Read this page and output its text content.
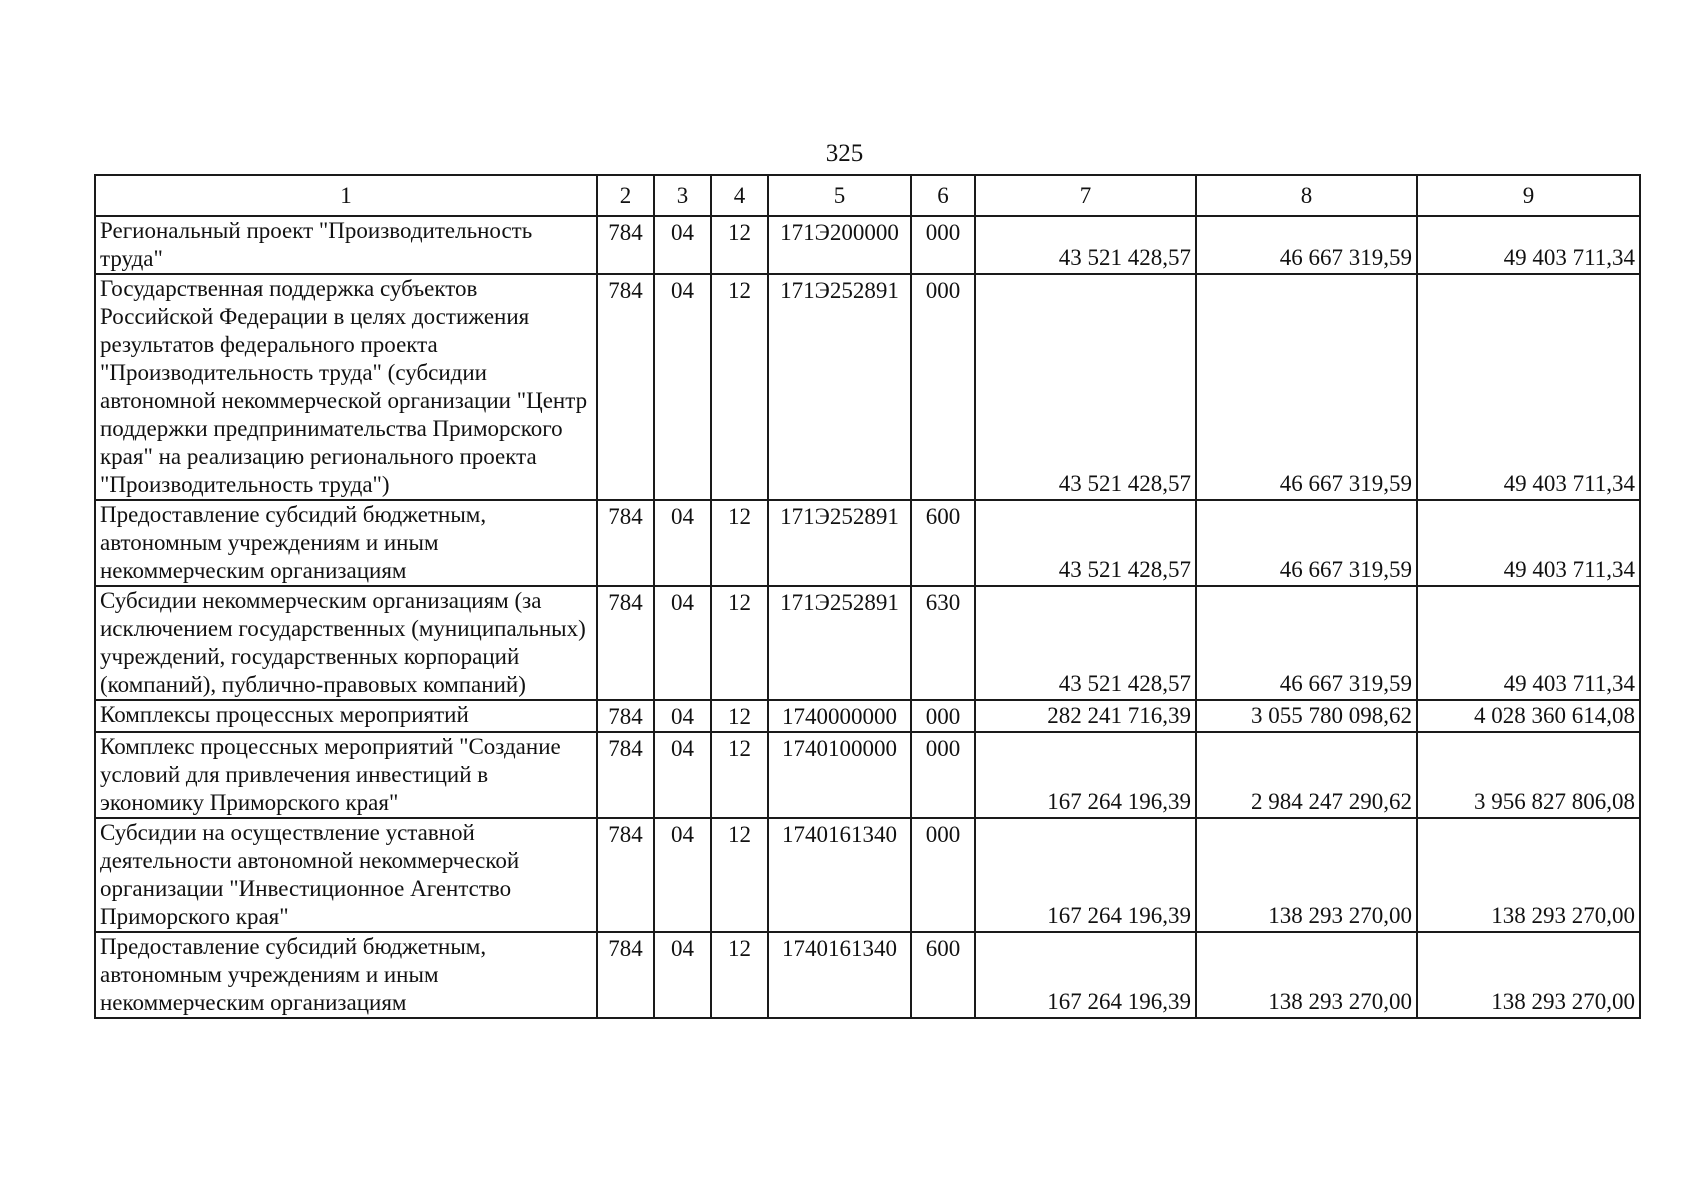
325
1	2	3	4	5	6	7	8	9
Региональный проект "Производительность труда"	784	04	12	171Э200000	000	43 521 428,57	46 667 319,59	49 403 711,34
Государственная поддержка субъектов Российской Федерации в целях достижения результатов федерального проекта "Производительность труда" (субсидии автономной некоммерческой организации "Центр поддержки предпринимательства Приморского края" на реализацию регионального проекта "Производительность труда")	784	04	12	171Э252891	000	43 521 428,57	46 667 319,59	49 403 711,34
Предоставление субсидий бюджетным, автономным учреждениям и иным некоммерческим организациям	784	04	12	171Э252891	600	43 521 428,57	46 667 319,59	49 403 711,34
Субсидии некоммерческим организациям (за исключением государственных (муниципальных) учреждений, государственных корпораций (компаний), публично-правовых компаний)	784	04	12	171Э252891	630	43 521 428,57	46 667 319,59	49 403 711,34
Комплексы процессных мероприятий	784	04	12	1740000000	000	282 241 716,39	3 055 780 098,62	4 028 360 614,08
Комплекс процессных мероприятий "Создание условий для привлечения инвестиций в экономику Приморского края"	784	04	12	1740100000	000	167 264 196,39	2 984 247 290,62	3 956 827 806,08
Субсидии на осуществление уставной деятельности автономной некоммерческой организации "Инвестиционное Агентство Приморского края"	784	04	12	1740161340	000	167 264 196,39	138 293 270,00	138 293 270,00
Предоставление субсидий бюджетным, автономным учреждениям и иным некоммерческим организациям	784	04	12	1740161340	600	167 264 196,39	138 293 270,00	138 293 270,00
